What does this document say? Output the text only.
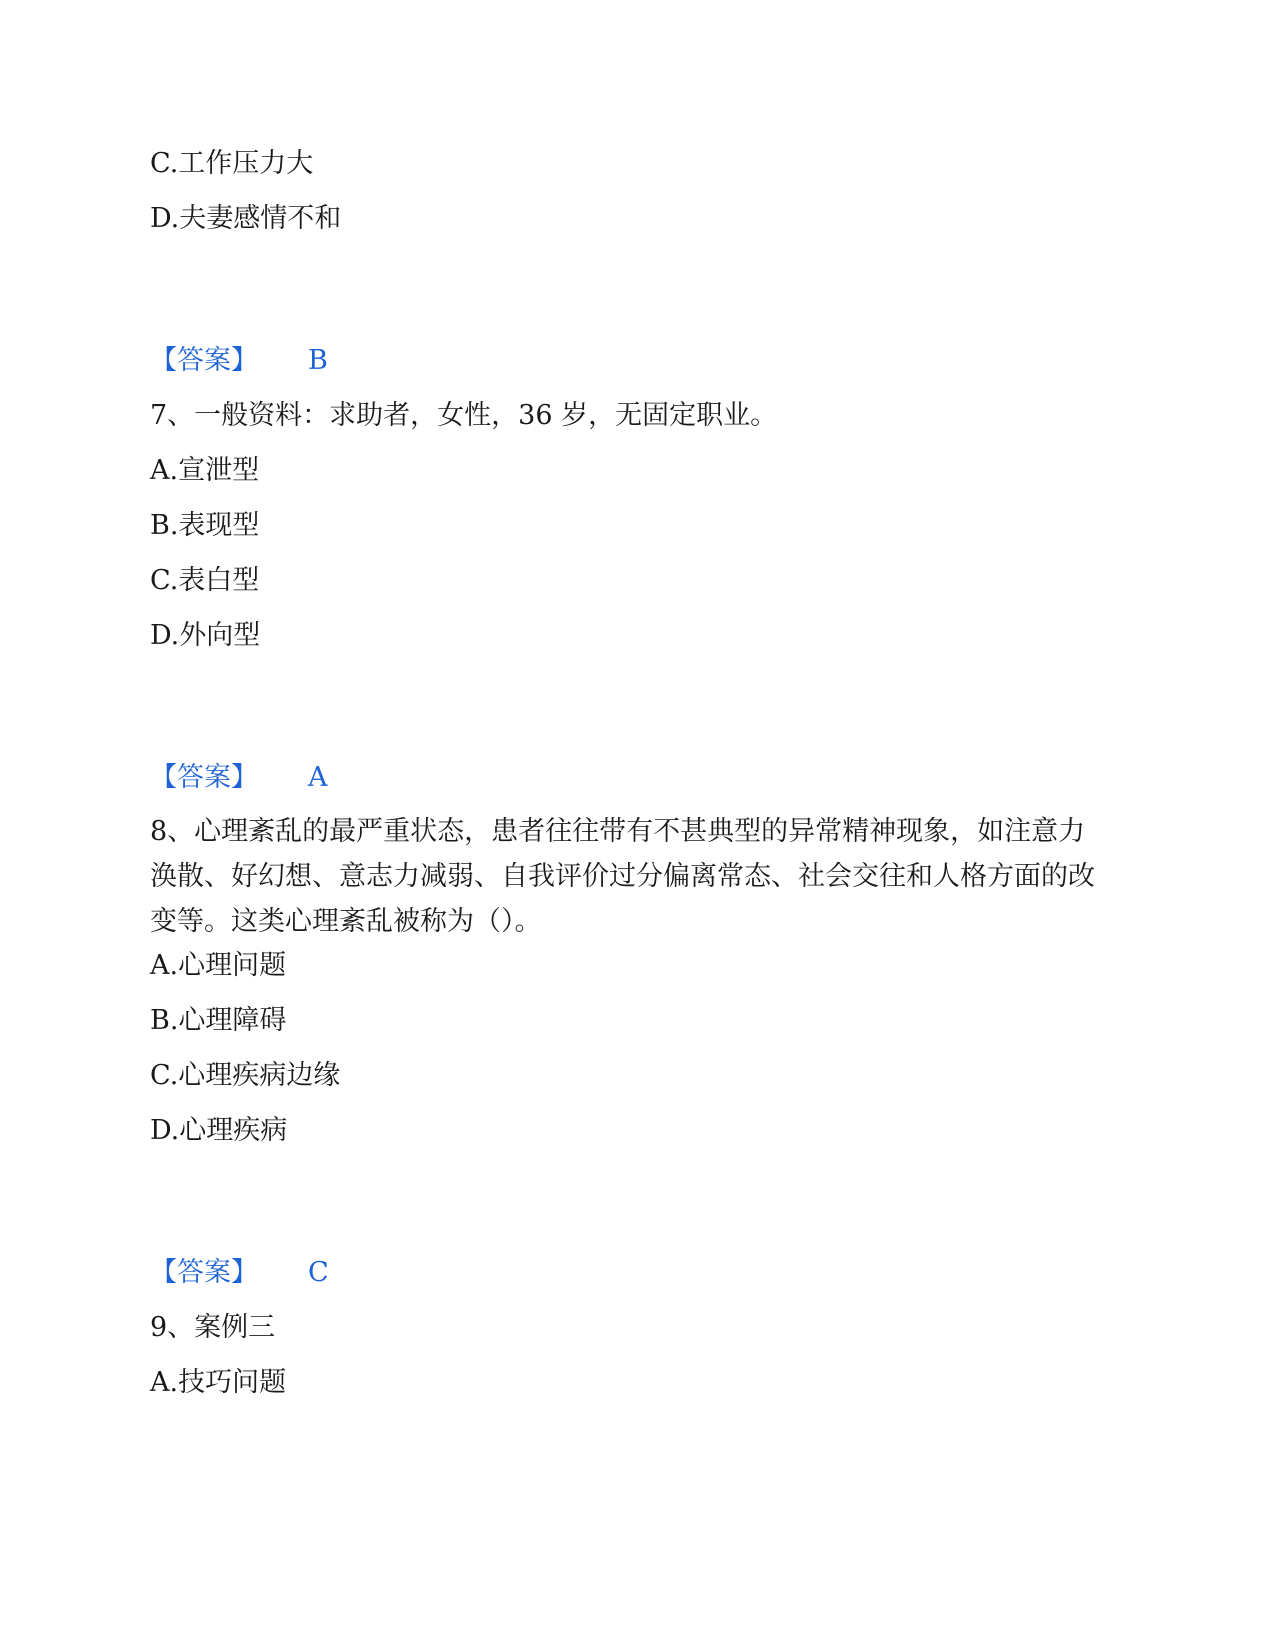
C.工作压力大
D.夫妻感情不和
【答案】 B
7、一般资料：求助者，女性，36 岁，无固定职业。
A.宣泄型
B.表现型
C.表白型
D.外向型
【答案】 A
8、心理紊乱的最严重状态，患者往往带有不甚典型的异常精神现象，如注意力涣散、好幻想、意志力减弱、自我评价过分偏离常态、社会交往和人格方面的改变等。这类心理紊乱被称为（）。
A.心理问题
B.心理障碍
C.心理疾病边缘
D.心理疾病
【答案】 C
9、案例三
A.技巧问题
